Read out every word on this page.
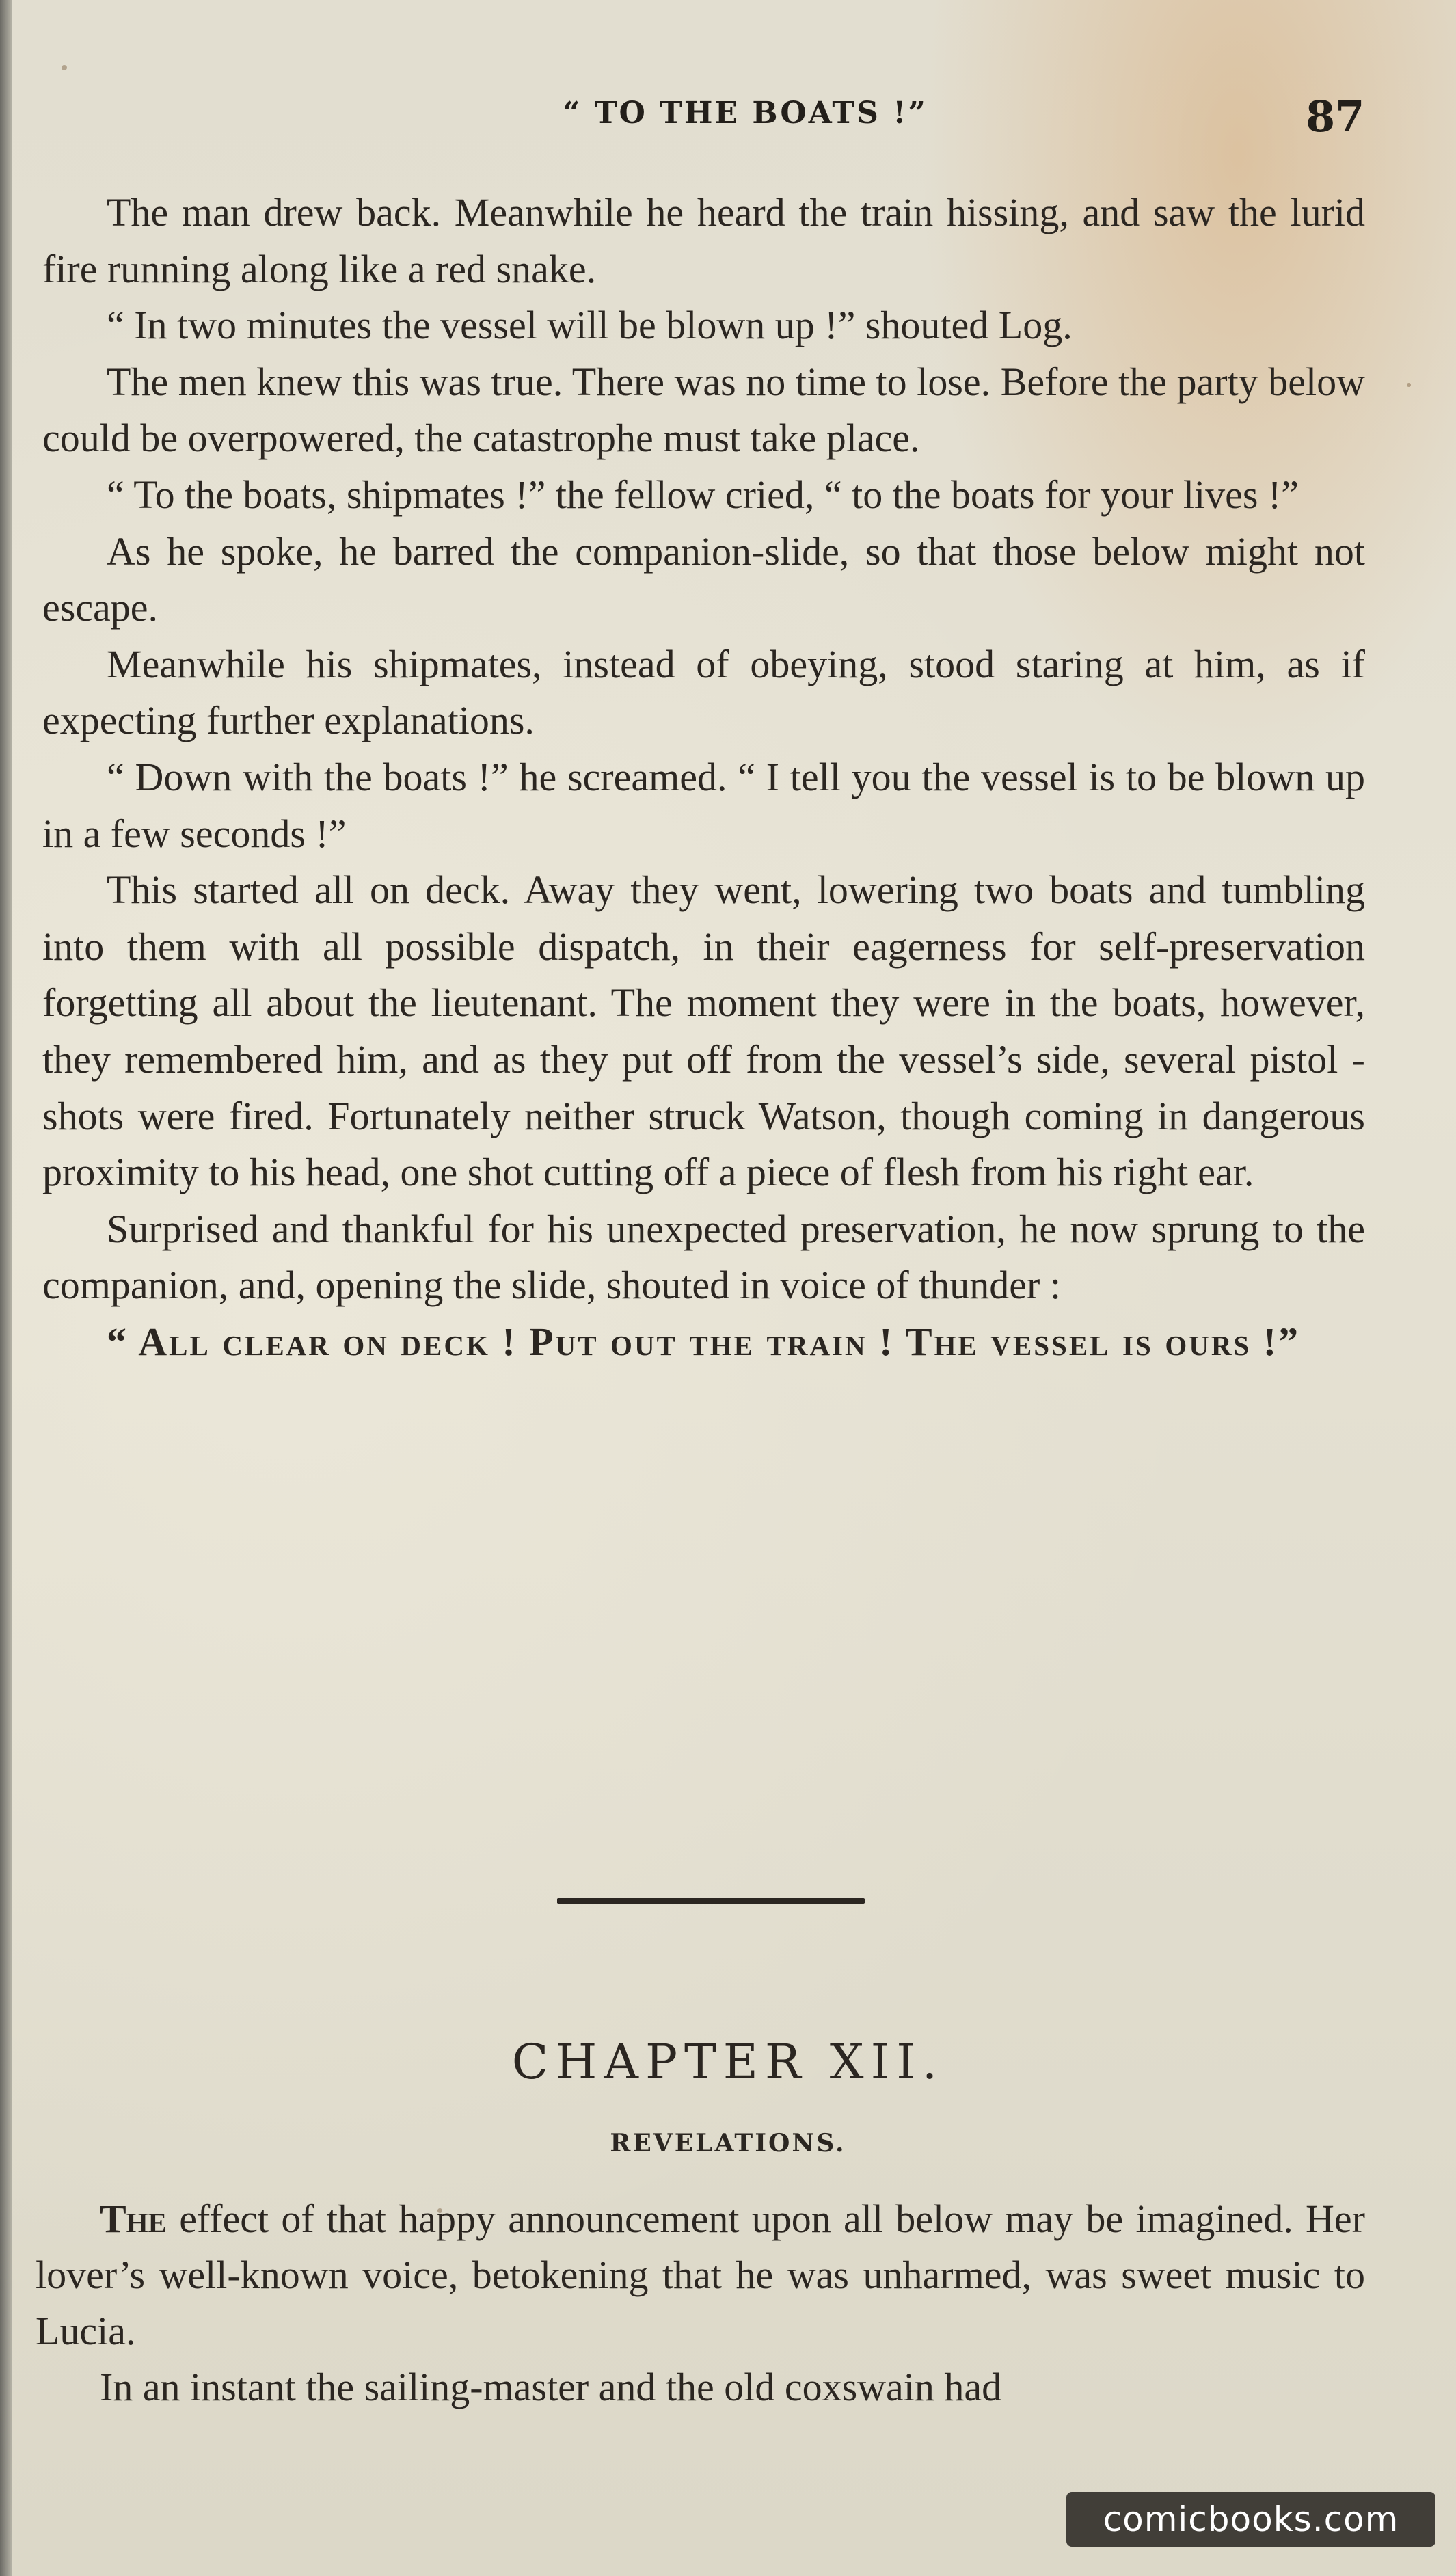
“ TO THE BOATS !”	87

The man drew back. Meanwhile he heard the train hissing, and saw the lurid fire running along like a red snake.

“ In two minutes the vessel will be blown up !” shouted Log.

The men knew this was true. There was no time to lose. Before the party below could be overpowered, the catastrophe must take place.

“ To the boats, shipmates !” the fellow cried, “ to the boats for your lives !”

As he spoke, he barred the companion-slide, so that those below might not escape.

Meanwhile his shipmates, instead of obeying, stood staring at him, as if expecting further explanations.

“ Down with the boats !” he screamed. “ I tell you the vessel is to be blown up in a few seconds !”

This started all on deck. Away they went, lowering two boats and tumbling into them with all possible dispatch, in their eagerness for self-preservation forgetting all about the lieutenant. The moment they were in the boats, however, they remembered him, and as they put off from the vessel’s side, several pistol - shots were fired. Fortunately neither struck Watson, though coming in dangerous proximity to his head, one shot cutting off a piece of flesh from his right ear.

Surprised and thankful for his unexpected preservation, he now sprung to the companion, and, opening the slide, shouted in voice of thunder :

“ All clear on deck ! Put out the train ! The vessel is ours !”

CHAPTER XII.
REVELATIONS.

The effect of that happy announcement upon all below may be imagined. Her lover’s well-known voice, betokening that he was unharmed, was sweet music to Lucia.

In an instant the sailing-master and the old coxswain had

comicbooks.com
